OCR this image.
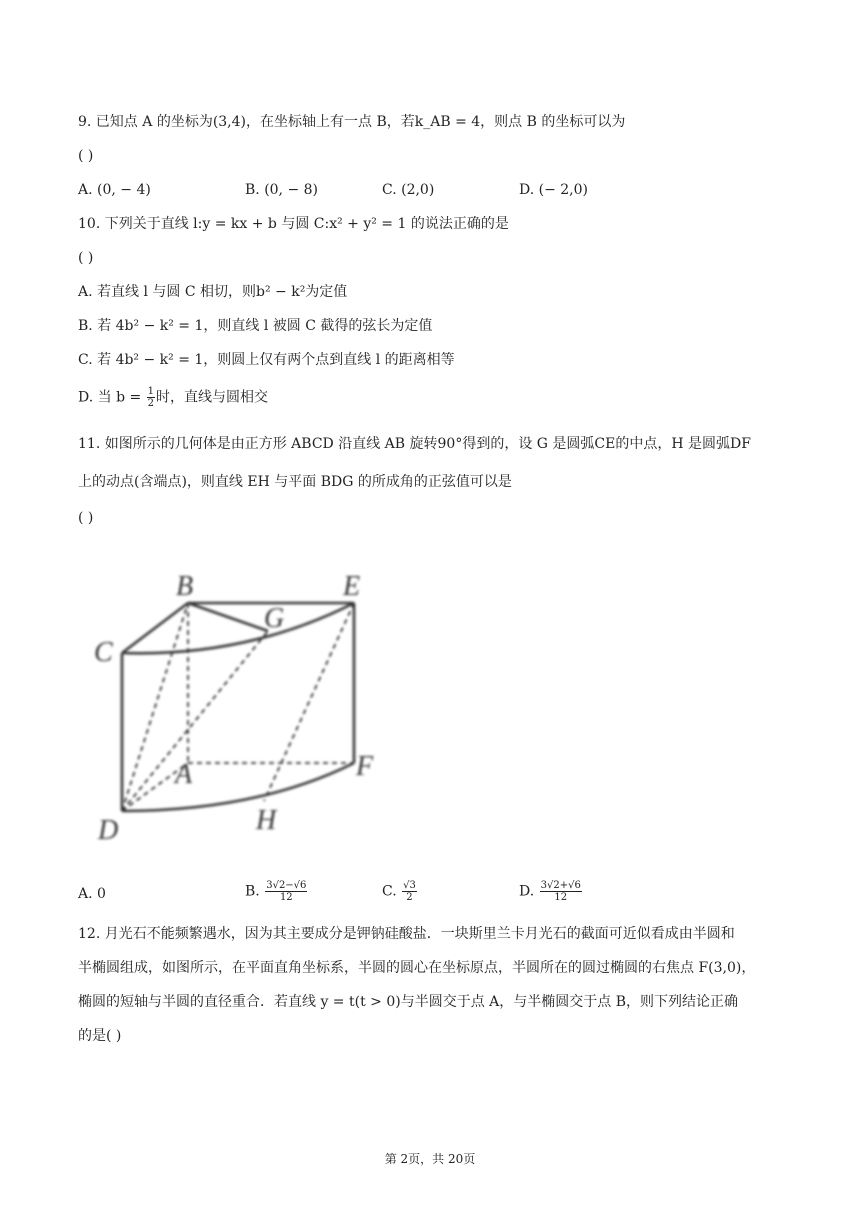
9. 已知点 A 的坐标为(3,4)，在坐标轴上有一点 B，若k_AB = 4，则点 B 的坐标可以为
( )
A. (0, − 4)	B. (0, − 8)	C. (2,0)	D. (− 2,0)
10. 下列关于直线 l:y = kx + b 与圆 C:x² + y² = 1 的说法正确的是
( )
A. 若直线 l 与圆 C 相切，则b² − k²为定值
B. 若 4b² − k² = 1，则直线 l 被圆 C 截得的弦长为定值
C. 若 4b² − k² = 1，则圆上仅有两个点到直线 l 的距离相等
D. 当 $b = \frac{1}{2}$ 时，直线与圆相交
11. 如图所示的几何体是由正方形 ABCD 沿直线 AB 旋转90°得到的，设 G 是圆弧CE的中点，H 是圆弧DF
上的动点(含端点)，则直线 EH 与平面 BDG 的所成角的正弦值可以是
( )
B	E
G
C
A	F
D	H
A. 0	B. $\frac{3√2-√6}{12}$	C. $\frac{√3}{2}$	D. $\frac{3√2+√6}{12}$
12. 月光石不能频繁遇水，因为其主要成分是钾钠硅酸盐．一块斯里兰卡月光石的截面可近似看成由半圆和
半椭圆组成，如图所示，在平面直角坐标系，半圆的圆心在坐标原点，半圆所在的圆过椭圆的右焦点 F(3,0)，
椭圆的短轴与半圆的直径重合．若直线 y = t(t > 0)与半圆交于点 A，与半椭圆交于点 B，则下列结论正确
的是( )
第 2页，共 20页
